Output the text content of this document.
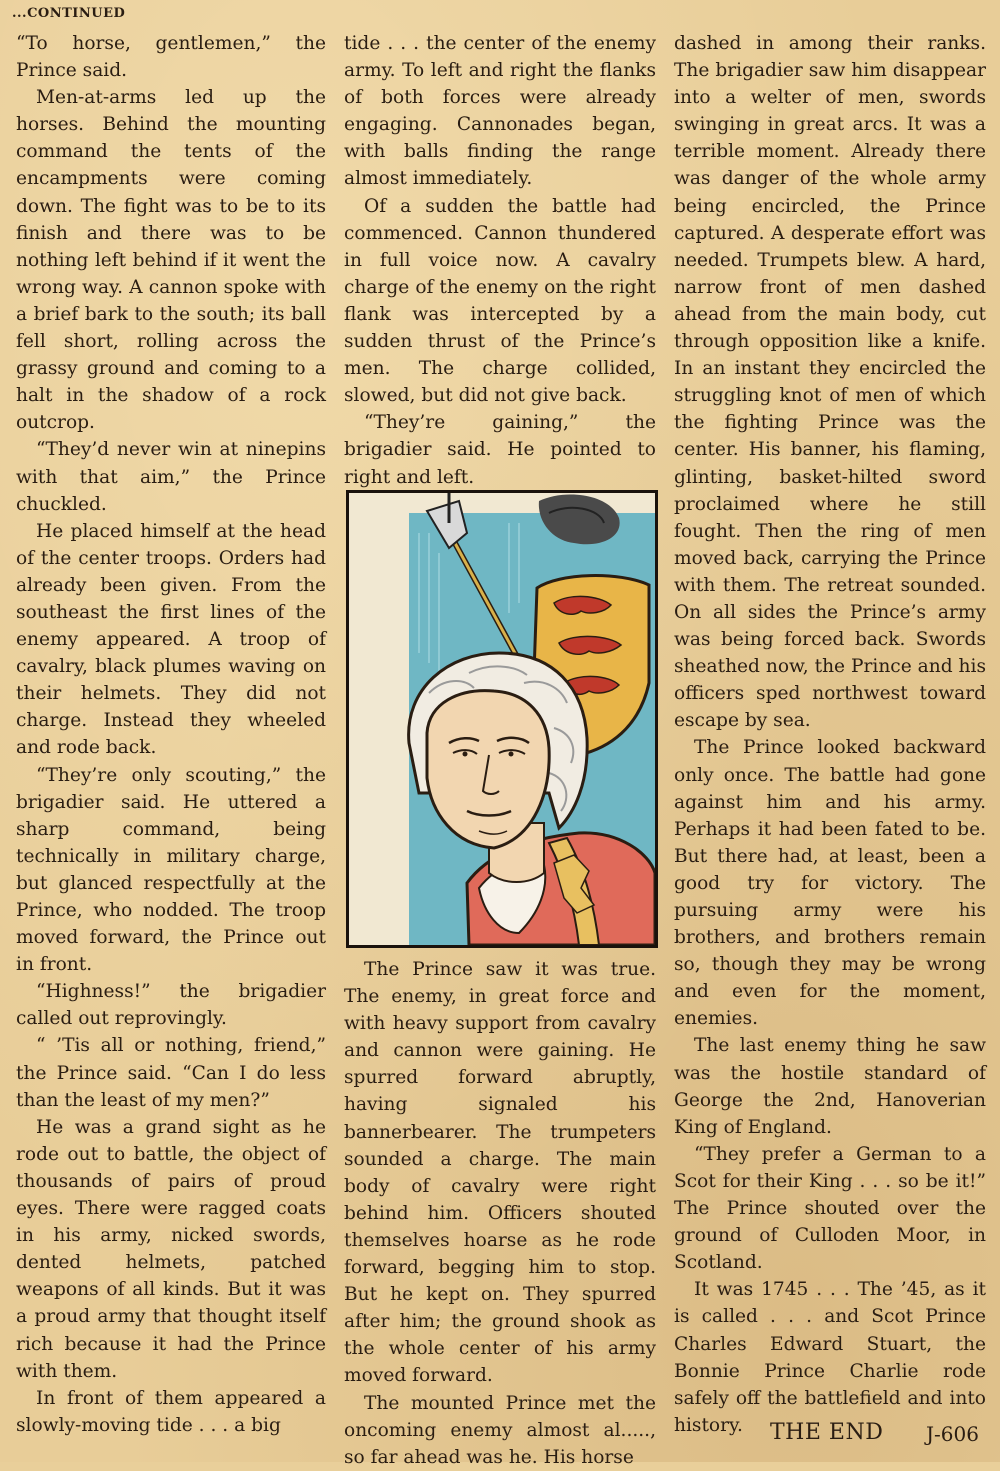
...CONTINUED

“To horse, gentlemen,” the Prince said.

Men-at-arms led up the horses. Behind the mounting command the tents of the encampments were coming down. The fight was to be to its finish and there was to be nothing left behind if it went the wrong way. A cannon spoke with a brief bark to the south; its ball fell short, rolling across the grassy ground and coming to a halt in the shadow of a rock outcrop.

“They’d never win at ninepins with that aim,” the Prince chuckled.

He placed himself at the head of the center troops. Orders had already been given. From the southeast the first lines of the enemy appeared. A troop of cavalry, black plumes waving on their helmets. They did not charge. Instead they wheeled and rode back.

“They’re only scouting,” the brigadier said. He uttered a sharp command, being technically in military charge, but glanced respectfully at the Prince, who nodded. The troop moved forward, the Prince out in front.

“Highness!” the brigadier called out reprovingly.

“ ’Tis all or nothing, friend,” the Prince said. “Can I do less than the least of my men?”

He was a grand sight as he rode out to battle, the object of thousands of pairs of proud eyes. There were ragged coats in his army, nicked swords, dented helmets, patched weapons of all kinds. But it was a proud army that thought itself rich because it had the Prince with them.

In front of them appeared a slowly-moving tide . . . a big

tide . . . the center of the enemy army. To left and right the flanks of both forces were already engaging. Cannonades began, with balls finding the range almost immediately.

Of a sudden the battle had commenced. Cannon thundered in full voice now. A cavalry charge of the enemy on the right flank was intercepted by a sudden thrust of the Prince’s men. The charge collided, slowed, but did not give back.

“They’re gaining,” the brigadier said. He pointed to right and left.

The Prince saw it was true. The enemy, in great force and with heavy support from cavalry and cannon were gaining. He spurred forward abruptly, having signaled his bannerbearer. The trumpeters sounded a charge. The main body of cavalry were right behind him. Officers shouted themselves hoarse as he rode forward, begging him to stop. But he kept on. They spurred after him; the ground shook as the whole center of his army moved forward.

The mounted Prince met the oncoming enemy almost al....., so far ahead was he. His horse

dashed in among their ranks. The brigadier saw him disappear into a welter of men, swords swinging in great arcs. It was a terrible moment. Already there was danger of the whole army being encircled, the Prince captured. A desperate effort was needed. Trumpets blew. A hard, narrow front of men dashed ahead from the main body, cut through opposition like a knife. In an instant they encircled the struggling knot of men of which the fighting Prince was the center. His banner, his flaming, glinting, basket-hilted sword proclaimed where he still fought. Then the ring of men moved back, carrying the Prince with them. The retreat sounded. On all sides the Prince’s army was being forced back. Swords sheathed now, the Prince and his officers sped northwest toward escape by sea.

The Prince looked backward only once. The battle had gone against him and his army. Perhaps it had been fated to be. But there had, at least, been a good try for victory. The pursuing army were his brothers, and brothers remain so, though they may be wrong and even for the moment, enemies.

The last enemy thing he saw was the hostile standard of George the 2nd, Hanoverian King of England.

“They prefer a German to a Scot for their King . . . so be it!” The Prince shouted over the ground of Culloden Moor, in Scotland.

It was 1745 . . . The ’45, as it is called . . . and Scot Prince Charles Edward Stuart, the Bonnie Prince Charlie rode safely off the battlefield and into history.	THE END J-606
